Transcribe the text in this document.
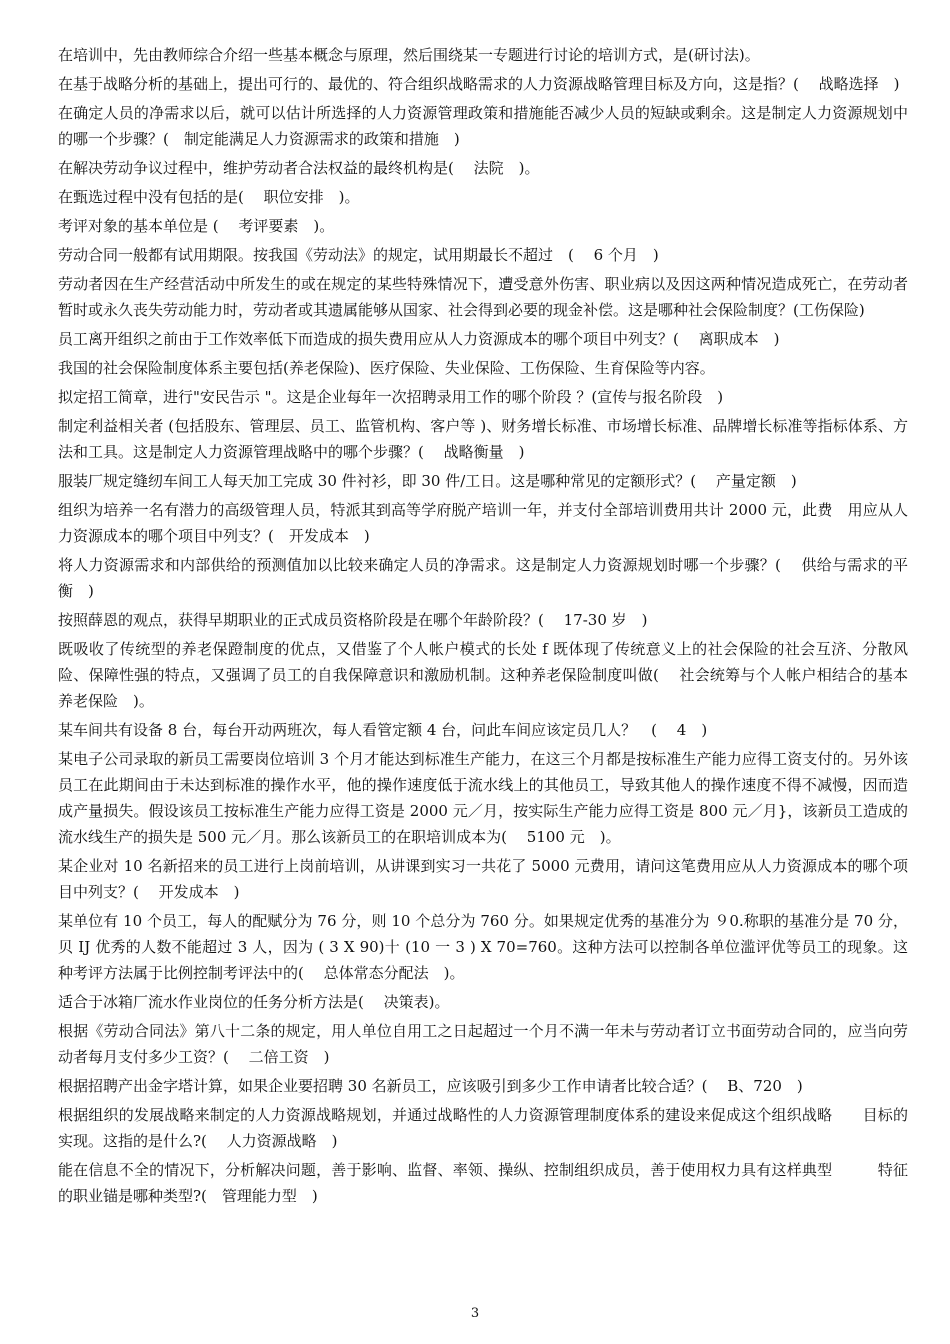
在培训中，先由教师综合介绍一些基本概念与原理，然后围绕某一专题进行讨论的培训方式，是(研讨法)。

在基于战略分析的基础上，提出可行的、最优的、符合组织战略需求的人力资源战略管理目标及方向，这是指？(　 战略选择　)

在确定人员的净需求以后，就可以估计所选择的人力资源管理政策和措施能否减少人员的短缺或剩余。这是制定人力资源规划中的哪一个步骤？(　制定能满足人力资源需求的政策和措施　)

在解决劳动争议过程中，维护劳动者合法权益的最终机构是(　 法院　)。

在甄选过程中没有包括的是(　 职位安排　)。

考评对象的基本单位是 (　 考评要素　)。

劳动合同一般都有试用期限。按我国《劳动法》的规定，试用期最长不超过　(　 6 个月　)

劳动者因在生产经营活动中所发生的或在规定的某些特殊情况下，遭受意外伤害、职业病以及因这两种情况造成死亡，在劳动者暂时或永久丧失劳动能力时，劳动者或其遗属能够从国家、社会得到必要的现金补偿。这是哪种社会保险制度？(工伤保险)

员工离开组织之前由于工作效率低下而造成的损失费用应从人力资源成本的哪个项目中列支？(　 离职成本　)

我国的社会保险制度体系主要包括(养老保险)、医疗保险、失业保险、工伤保险、生育保险等内容。

拟定招工简章，进行"安民告示 "。这是企业每年一次招聘录用工作的哪个阶段 ？(宣传与报名阶段　)

制定利益相关者 (包括股东、管理层、员工、监管机构、客户等 )、财务增长标准、市场增长标准、品牌增长标准等指标体系、方法和工具。这是制定人力资源管理战略中的哪个步骤？(　 战略衡量　)

服装厂规定缝纫车间工人每天加工完成 30 件衬衫，即 30 件/工日。这是哪种常见的定额形式？(　 产量定额　)

组织为培养一名有潜力的高级管理人员，特派其到高等学府脱产培训一年，并支付全部培训费用共计 2000 元，此费　用应从人力资源成本的哪个项目中列支？(　开发成本　)

将人力资源需求和内部供给的预测值加以比较来确定人员的净需求。这是制定人力资源规划时哪一个步骤？(　 供给与需求的平衡　)

按照薛恩的观点，获得早期职业的正式成员资格阶段是在哪个年龄阶段？(　 17-30 岁　)

既吸收了传统型的养老保蹬制度的优点，又借鉴了个人帐户模式的长处 f 既体现了传统意义上的社会保险的社会互济、分散风险、保障性强的特点，又强调了员工的自我保障意识和激励机制。这种养老保险制度叫做(　 社会统筹与个人帐户相结合的基本养老保险　)。

某车间共有设备 8 台，每台开动两班次，每人看管定额 4 台，问此车间应该定员几人？　(　 4　)

某电子公司录取的新员工需要岗位培训 3 个月才能达到标准生产能力，在这三个月都是按标准生产能力应得工资支付的。另外该员工在此期间由于未达到标准的操作水平，他的操作速度低于流水线上的其他员工，导致其他人的操作速度不得不减慢，因而造成产量损失。假设该员工按标准生产能力应得工资是 2000 元／月，按实际生产能力应得工资是 800 元／月}，该新员工造成的流水线生产的损失是 500 元／月。那么该新员工的在职培训成本为(　 5100 元　)。

某企业对 10 名新招来的员工进行上岗前培训，从讲课到实习一共花了 5000 元费用，请问这笔费用应从人力资源成本的哪个项目中列支？(　 开发成本　)

某单位有 10 个员工，每人的配赋分为 76 分，则 10 个总分为 760 分。如果规定优秀的基准分为 ９0.称职的基准分是 70 分，贝 IJ 优秀的人数不能超过 3 人，因为 ( 3 X 90)十 (10 一 3 ) X 70=760。这种方法可以控制各单位滥评优等员工的现象。这种考评方法属于比例控制考评法中的(　 总体常态分配法　)。

适合于冰箱厂流水作业岗位的任务分析方法是(　 决策表)。

根据《劳动合同法》第八十二条的规定，用人单位自用工之日起超过一个月不满一年未与劳动者订立书面劳动合同的，应当向劳动者每月支付多少工资？(　 二倍工资　)

根据招聘产出金字塔计算，如果企业要招聘 30 名新员工，应该吸引到多少工作申请者比较合适？(　 B、720　)

根据组织的发展战略来制定的人力资源战略规划，并通过战略性的人力资源管理制度体系的建设来促成这个组织战略　　目标的实现。这指的是什么?(　 人力资源战略　)

能在信息不全的情况下，分析解决问题，善于影响、监督、率领、操纵、控制组织成员，善于使用权力具有这样典型　　　特征的职业锚是哪种类型?(　管理能力型　)

3
